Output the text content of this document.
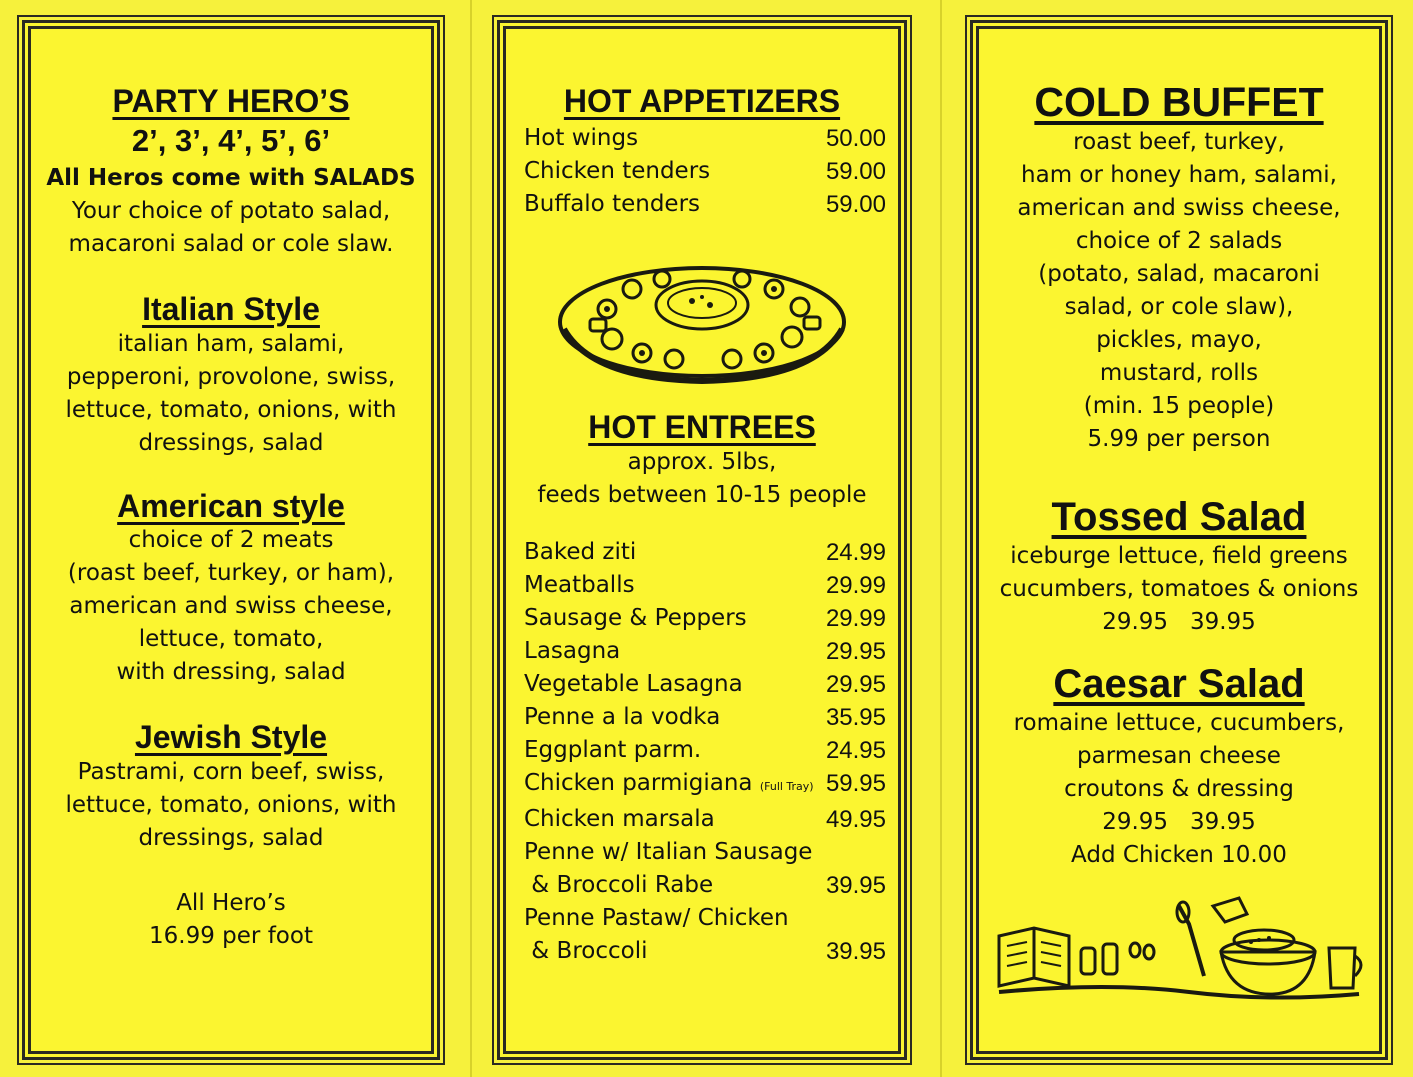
PARTY HERO’S
2’, 3’, 4’, 5’, 6’
All Heros come with SALADS
Your choice of potato salad,
macaroni salad or cole slaw.
Italian Style
italian ham, salami,
pepperoni, provolone, swiss,
lettuce, tomato, onions, with
dressings, salad
American style
choice of 2 meats
(roast beef, turkey, or ham),
american and swiss cheese,
lettuce, tomato,
with dressing, salad
Jewish Style
Pastrami, corn beef, swiss,
lettuce, tomato, onions, with
dressings, salad
All Hero’s
16.99 per foot
HOT APPETIZERS
Hot wings	50.00
Chicken tenders	59.00
Buffalo tenders	59.00
HOT ENTREES
approx. 5lbs,
feeds between 10-15 people
Baked ziti	24.99
Meatballs	29.99
Sausage & Peppers	29.99
Lasagna	29.95
Vegetable Lasagna	29.95
Penne a la vodka	35.95
Eggplant parm.	24.95
Chicken parmigiana (Full Tray) 59.95
Chicken marsala	49.95
Penne w/ Italian Sausage
& Broccoli Rabe	39.95
Penne Pastaw/ Chicken
& Broccoli	39.95
COLD BUFFET
roast beef, turkey,
ham or honey ham, salami,
american and swiss cheese,
choice of 2 salads
(potato, salad, macaroni
salad, or cole slaw),
pickles, mayo,
mustard, rolls
(min. 15 people)
5.99 per person
Tossed Salad
iceburge lettuce, field greens
cucumbers, tomatoes & onions
29.95   39.95
Caesar Salad
romaine lettuce, cucumbers,
parmesan cheese
croutons & dressing
29.95   39.95
Add Chicken 10.00
